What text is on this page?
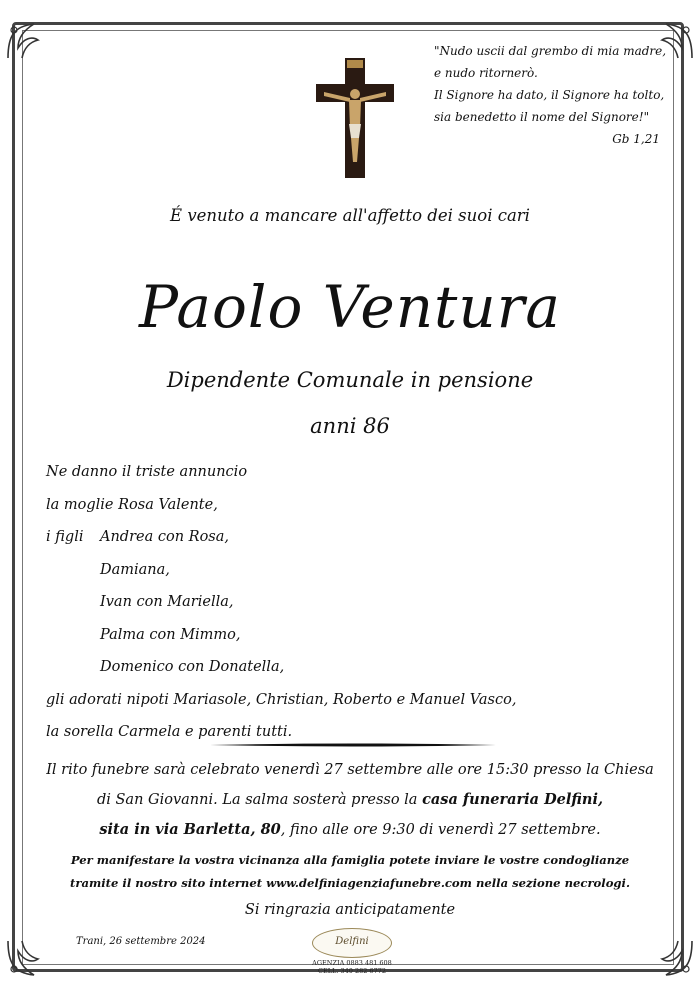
"Nudo uscii dal grembo di mia madre,
e nudo ritornerò.
Il Signore ha dato, il Signore ha tolto,
sia benedetto il nome del Signore!"
Gb 1,21
É venuto a mancare all'affetto dei suoi cari
Paolo Ventura
Dipendente Comunale in pensione
anni 86
Ne danno il triste annuncio
la moglie Rosa Valente,
i figli Andrea con Rosa,
Damiana,
Ivan con Mariella,
Palma con Mimmo,
Domenico con Donatella,
gli adorati nipoti Mariasole, Christian, Roberto e Manuel Vasco,
la sorella Carmela e parenti tutti.
Il rito funebre sarà celebrato venerdì 27 settembre alle ore 15:30 presso la Chiesa
di San Giovanni. La salma sosterà presso la casa funeraria Delfini,
sita in via Barletta, 80, fino alle ore 9:30 di venerdì 27 settembre.
Per manifestare la vostra vicinanza alla famiglia potete inviare le vostre condoglianze
tramite il nostro sito internet www.delfiniagenziafunebre.com nella sezione necrologi.
Si ringrazia anticipatamente
Trani, 26 settembre 2024	Delfini
AGENZIA 0883 481 608
CELL. 340 282 6772
